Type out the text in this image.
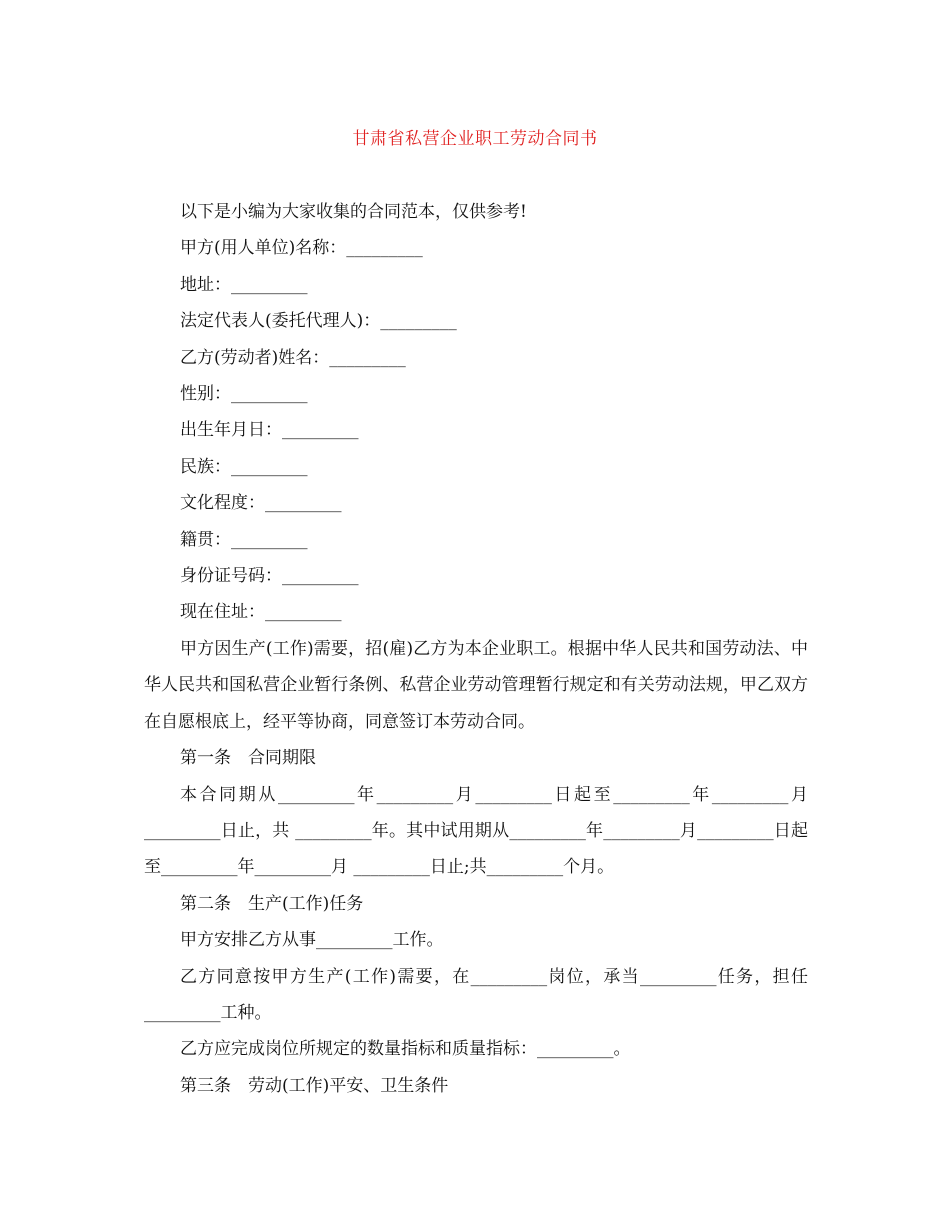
甘肃省私营企业职工劳动合同书

以下是小编为大家收集的合同范本，仅供参考!

甲方(用人单位)名称：_________

地址：_________

法定代表人(委托代理人)：_________

乙方(劳动者)姓名：_________

性别：_________

出生年月日：_________

民族：_________

文化程度：_________

籍贯：_________

身份证号码：_________

现在住址：_________

甲方因生产(工作)需要，招(雇)乙方为本企业职工。根据中华人民共和国劳动法、中华人民共和国私营企业暂行条例、私营企业劳动管理暂行规定和有关劳动法规，甲乙双方在自愿根底上，经平等协商，同意签订本劳动合同。

第一条　合同期限

本合同期从_________年_________月_________日起至_________年_________月_________日止，共 _________年。其中试用期从_________年_________月_________日起至_________年_________月 _________日止;共_________个月。

第二条　生产(工作)任务

甲方安排乙方从事_________工作。

乙方同意按甲方生产(工作)需要，在_________岗位，承当_________任务，担任_________工种。

乙方应完成岗位所规定的数量指标和质量指标：_________。

第三条　劳动(工作)平安、卫生条件
